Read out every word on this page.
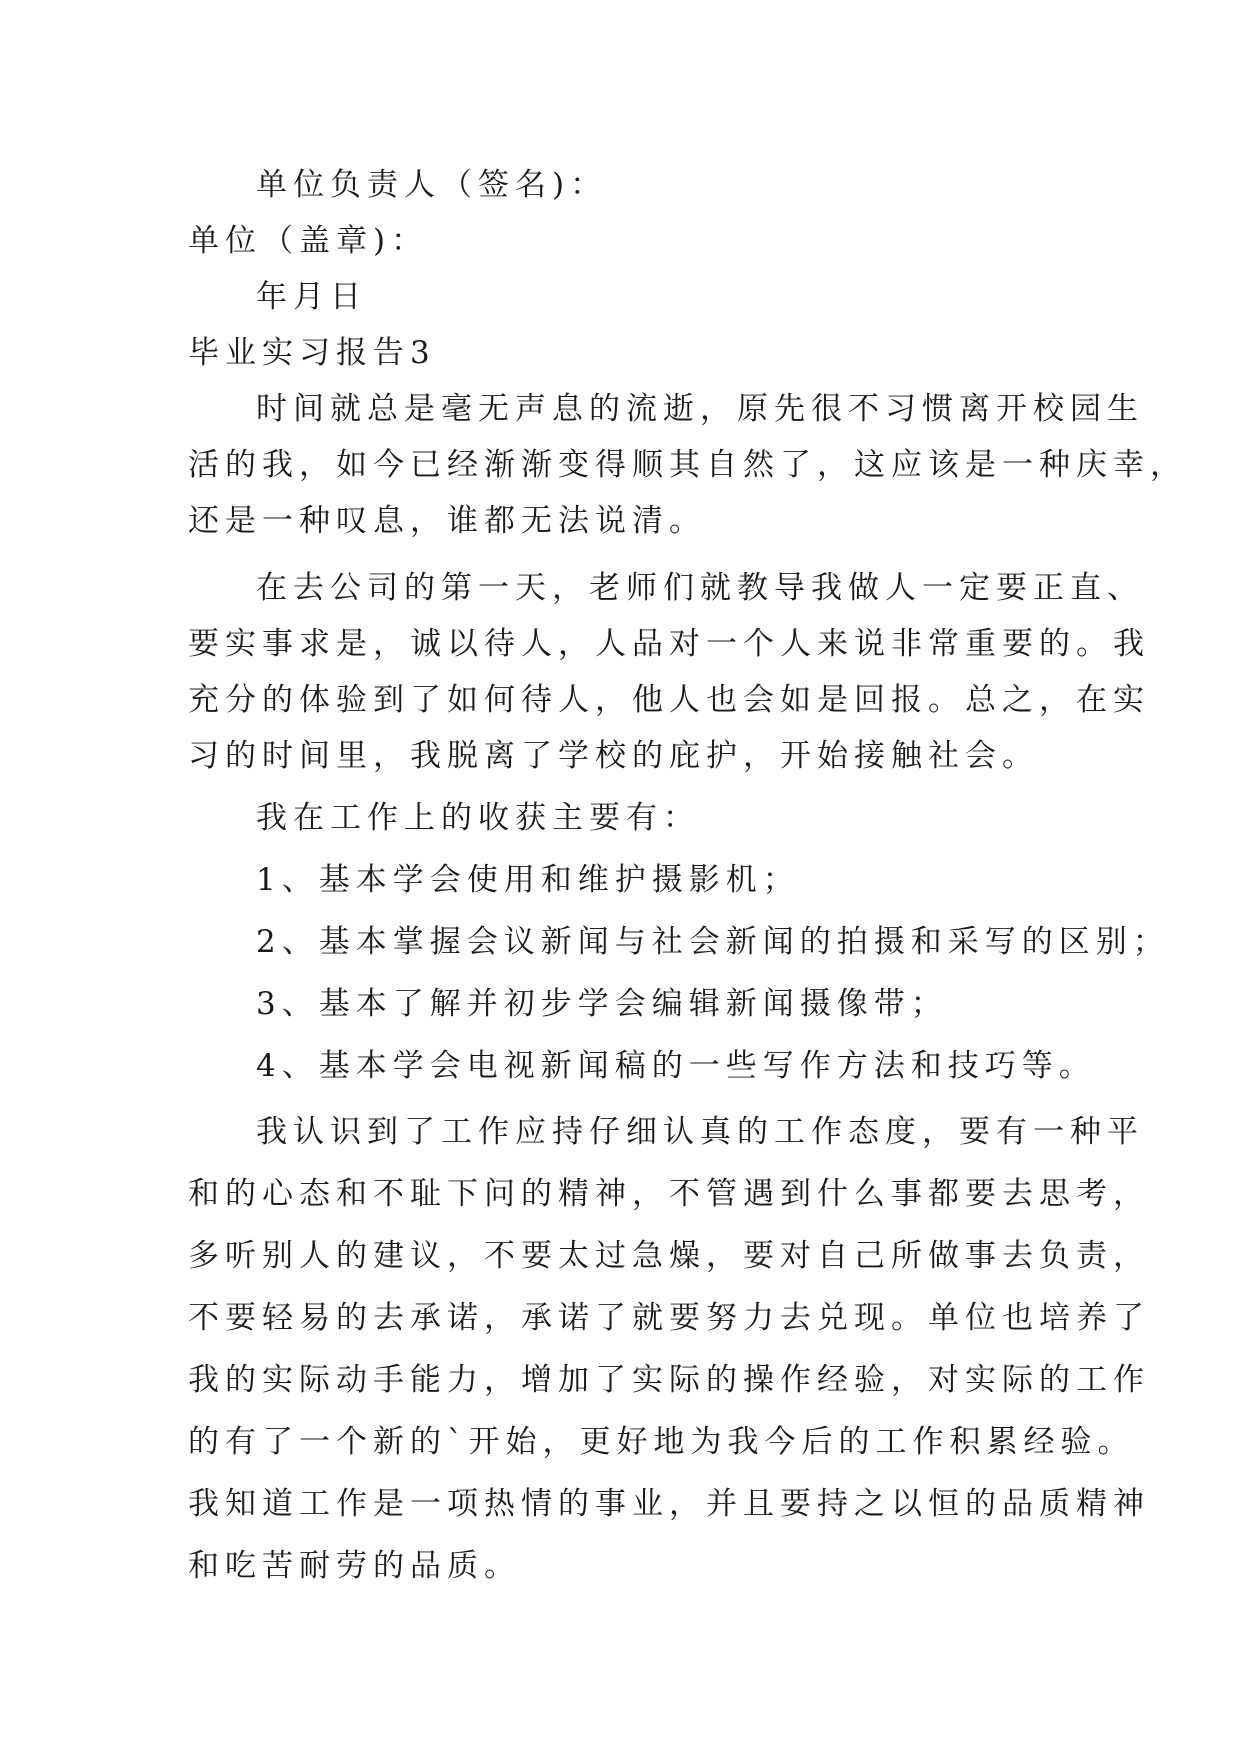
单位负责人（签名)：
单位（盖章)：
年月日
毕业实习报告3
时间就总是毫无声息的流逝，原先很不习惯离开校园生
活的我，如今已经渐渐变得顺其自然了，这应该是一种庆幸，
还是一种叹息，谁都无法说清。
在去公司的第一天，老师们就教导我做人一定要正直、
要实事求是，诚以待人，人品对一个人来说非常重要的。我
充分的体验到了如何待人，他人也会如是回报。总之，在实
习的时间里，我脱离了学校的庇护，开始接触社会。
我在工作上的收获主要有：
1、基本学会使用和维护摄影机；
2、基本掌握会议新闻与社会新闻的拍摄和采写的区别；
3、基本了解并初步学会编辑新闻摄像带；
4、基本学会电视新闻稿的一些写作方法和技巧等。
我认识到了工作应持仔细认真的工作态度，要有一种平
和的心态和不耻下问的精神，不管遇到什么事都要去思考，
多听别人的建议，不要太过急燥，要对自己所做事去负责，
不要轻易的去承诺，承诺了就要努力去兑现。单位也培养了
我的实际动手能力，增加了实际的操作经验，对实际的工作
的有了一个新的`开始，更好地为我今后的工作积累经验。
我知道工作是一项热情的事业，并且要持之以恒的品质精神
和吃苦耐劳的品质。
